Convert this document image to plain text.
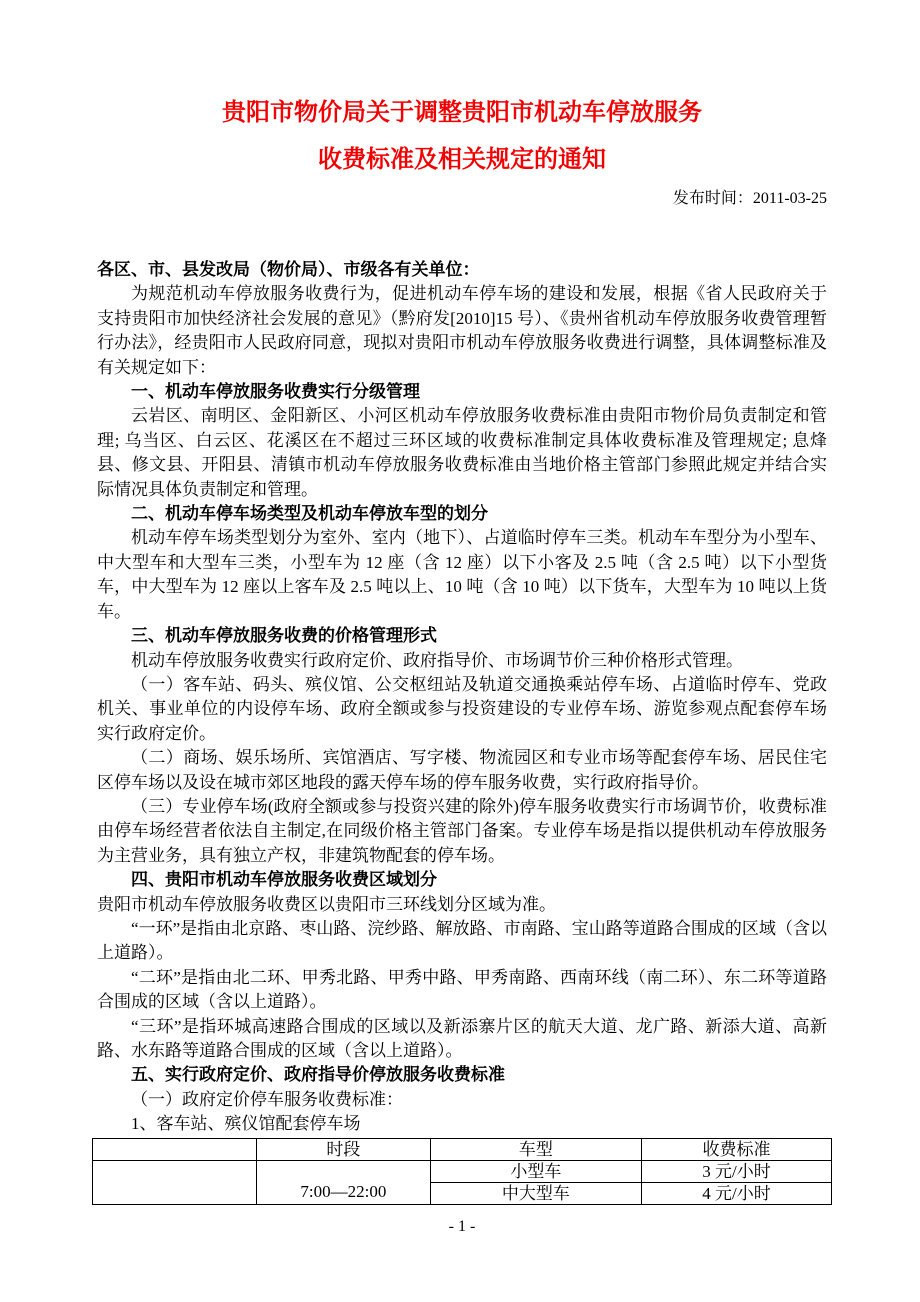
贵阳市物价局关于调整贵阳市机动车停放服务
收费标准及相关规定的通知
发布时间：2011-03-25

各区、市、县发改局（物价局）、市级各有关单位：

为规范机动车停放服务收费行为，促进机动车停车场的建设和发展，根据《省人民政府关于支持贵阳市加快经济社会发展的意见》（黔府发[2010]15 号）、《贵州省机动车停放服务收费管理暂行办法》，经贵阳市人民政府同意，现拟对贵阳市机动车停放服务收费进行调整，具体调整标准及有关规定如下：

一、机动车停放服务收费实行分级管理

云岩区、南明区、金阳新区、小河区机动车停放服务收费标准由贵阳市物价局负责制定和管理; 乌当区、白云区、花溪区在不超过三环区域的收费标准制定具体收费标准及管理规定; 息烽县、修文县、开阳县、清镇市机动车停放服务收费标准由当地价格主管部门参照此规定并结合实际情况具体负责制定和管理。

二、机动车停车场类型及机动车停放车型的划分

机动车停车场类型划分为室外、室内（地下）、占道临时停车三类。机动车车型分为小型车、中大型车和大型车三类，小型车为 12 座（含 12 座）以下小客及 2.5 吨（含 2.5 吨）以下小型货车，中大型车为 12 座以上客车及 2.5 吨以上、10 吨（含 10 吨）以下货车，大型车为 10 吨以上货车。

三、机动车停放服务收费的价格管理形式

机动车停放服务收费实行政府定价、政府指导价、市场调节价三种价格形式管理。

（一）客车站、码头、殡仪馆、公交枢纽站及轨道交通换乘站停车场、占道临时停车、党政机关、事业单位的内设停车场、政府全额或参与投资建设的专业停车场、游览参观点配套停车场实行政府定价。

（二）商场、娱乐场所、宾馆酒店、写字楼、物流园区和专业市场等配套停车场、居民住宅区停车场以及设在城市郊区地段的露天停车场的停车服务收费，实行政府指导价。

（三）专业停车场(政府全额或参与投资兴建的除外)停车服务收费实行市场调节价，收费标准由停车场经营者依法自主制定,在同级价格主管部门备案。专业停车场是指以提供机动车停放服务为主营业务，具有独立产权，非建筑物配套的停车场。

四、贵阳市机动车停放服务收费区域划分

贵阳市机动车停放服务收费区以贵阳市三环线划分区域为准。

“一环”是指由北京路、枣山路、浣纱路、解放路、市南路、宝山路等道路合围成的区域（含以上道路）。

“二环”是指由北二环、甲秀北路、甲秀中路、甲秀南路、西南环线（南二环）、东二环等道路合围成的区域（含以上道路）。

“三环”是指环城高速路合围成的区域以及新添寨片区的航天大道、龙广路、新添大道、高新路、水东路等道路合围成的区域（含以上道路）。

五、实行政府定价、政府指导价停放服务收费标准

（一）政府定价停车服务收费标准：

1、客车站、殡仪馆配套停车场

	时段	车型	收费标准
	7:00—22:00	小型车	3 元/小时
		中大型车	4 元/小时
- 1 -
